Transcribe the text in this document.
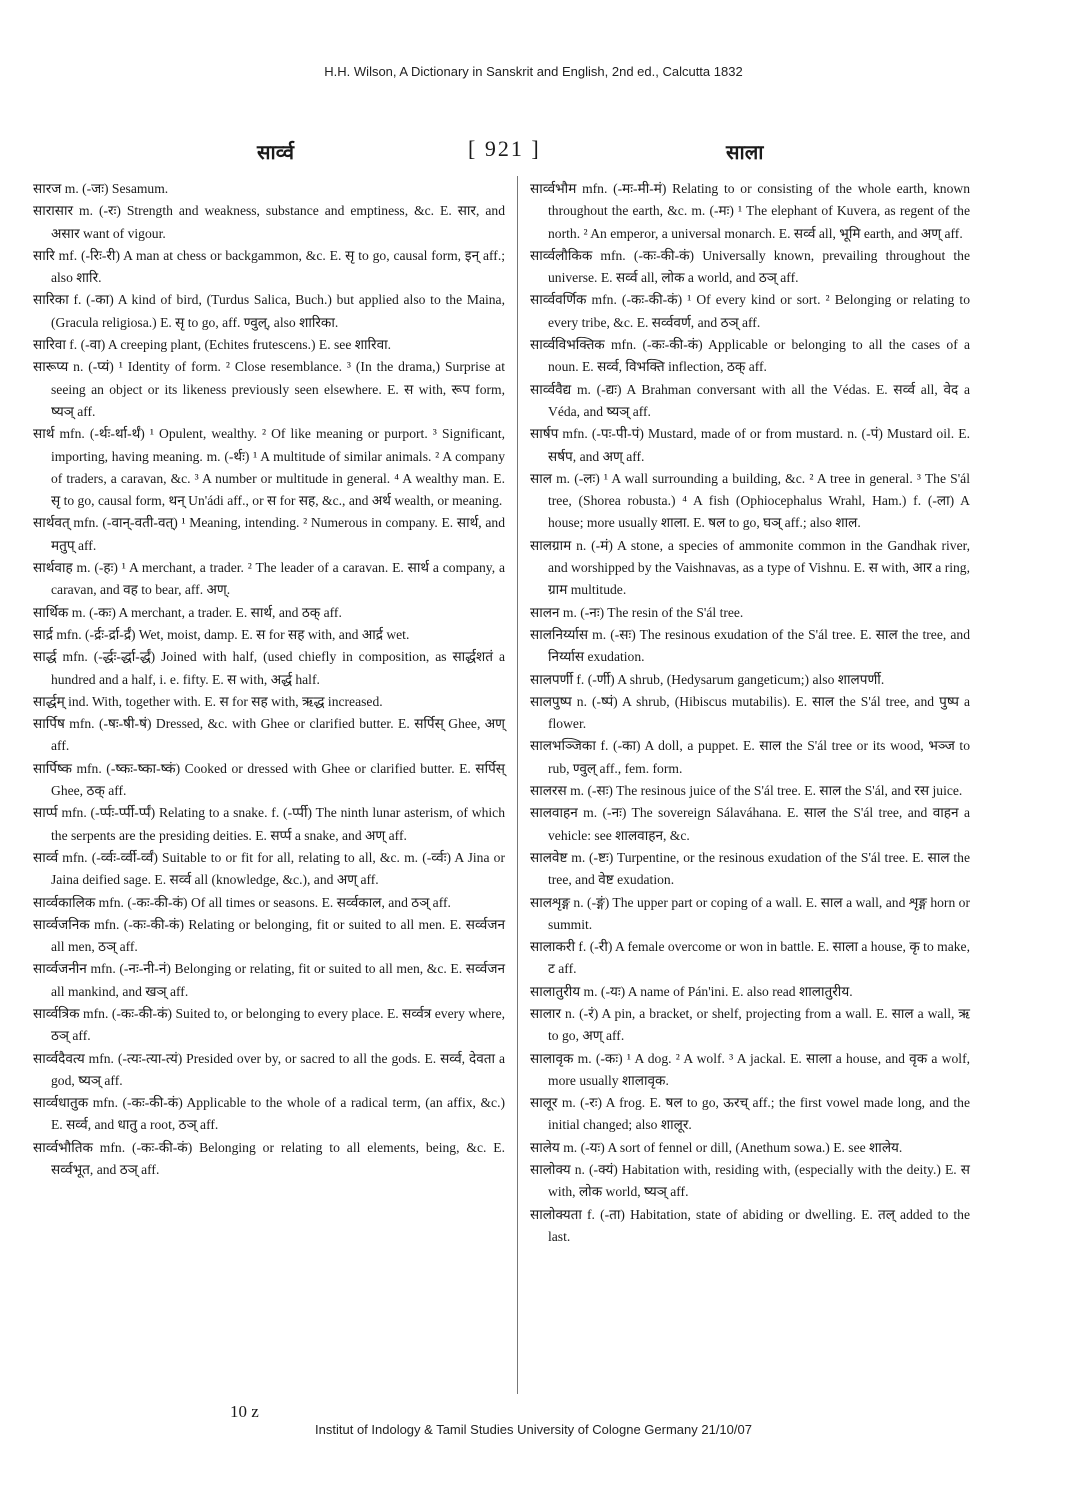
H.H. Wilson, A Dictionary in Sanskrit and English, 2nd ed., Calcutta 1832
सार्व्व	[ 921 ]	साला

सारज m. (-जः) Sesamum.

सारासार m. (-रः) Strength and weakness, substance and emptiness, &c. E. सार, and असार want of vigour.

सारि mf. (-रिः-री) A man at chess or backgammon, &c. E. सृ to go, causal form, इन् aff.; also शारि.

सारिका f. (-का) A kind of bird, (Turdus Salica, Buch.) but applied also to the Maina, (Gracula religiosa.) E. सृ to go, aff. ण्वुल्, also शारिका.

सारिवा f. (-वा) A creeping plant, (Echites frutescens.) E. see शारिवा.

सारूप्य n. (-प्यं) ¹ Identity of form. ² Close resemblance. ³ (In the drama,) Surprise at seeing an object or its likeness previously seen elsewhere. E. स with, रूप form, ष्यञ् aff.

सार्थ mfn. (-र्थः-र्था-र्थं) ¹ Opulent, wealthy. ² Of like meaning or purport. ³ Significant, importing, having meaning. m. (-र्थः) ¹ A multitude of similar animals. ² A company of traders, a caravan, &c. ³ A number or multitude in general. ⁴ A wealthy man. E. सृ to go, causal form, थन् Un'ádi aff., or स for सह, &c., and अर्थ wealth, or meaning.

सार्थवत् mfn. (-वान्-वती-वत्) ¹ Meaning, intending. ² Numerous in company. E. सार्थ, and मतुप् aff.

सार्थवाह m. (-हः) ¹ A merchant, a trader. ² The leader of a caravan. E. सार्थ a company, a caravan, and वह to bear, aff. अण्.

सार्थिक m. (-कः) A merchant, a trader. E. सार्थ, and ठक् aff.

सार्द्र mfn. (-र्द्रः-र्द्रा-र्द्रं) Wet, moist, damp. E. स for सह with, and आर्द्र wet.

सार्द्ध mfn. (-र्द्धः-र्द्धा-र्द्धं) Joined with half, (used chiefly in composition, as सार्द्धशतं a hundred and a half, i. e. fifty. E. स with, अर्द्ध half.

सार्द्धम् ind. With, together with. E. स for सह with, ऋद्ध increased.

सार्पिष mfn. (-षः-षी-षं) Dressed, &c. with Ghee or clarified butter. E. सर्पिस् Ghee, अण् aff.

सार्पिष्क mfn. (-ष्कः-ष्का-ष्कं) Cooked or dressed with Ghee or clarified butter. E. सर्पिस् Ghee, ठक् aff.

सार्प्प mfn. (-र्प्पः-र्प्पी-र्प्पं) Relating to a snake. f. (-र्प्पी) The ninth lunar asterism, of which the serpents are the presiding deities. E. सर्प्प a snake, and अण् aff.

सार्व्व mfn. (-र्व्वः-र्व्वी-र्व्वं) Suitable to or fit for all, relating to all, &c. m. (-र्व्वः) A Jina or Jaina deified sage. E. सर्व्व all (knowledge, &c.), and अण् aff.

सार्व्वकालिक mfn. (-कः-की-कं) Of all times or seasons. E. सर्व्वकाल, and ठञ् aff.

सार्व्वजनिक mfn. (-कः-की-कं) Relating or belonging, fit or suited to all men. E. सर्व्वजन all men, ठञ् aff.

सार्व्वजनीन mfn. (-नः-नी-नं) Belonging or relating, fit or suited to all men, &c. E. सर्व्वजन all mankind, and खञ् aff.

सार्व्वत्रिक mfn. (-कः-की-कं) Suited to, or belonging to every place. E. सर्व्वत्र every where, ठञ् aff.

सार्व्वदैवत्य mfn. (-त्यः-त्या-त्यं) Presided over by, or sacred to all the gods. E. सर्व्व, देवता a god, ष्यञ् aff.

सार्व्वधातुक mfn. (-कः-की-कं) Applicable to the whole of a radical term, (an affix, &c.) E. सर्व्व, and धातु a root, ठञ् aff.

सार्व्वभौतिक mfn. (-कः-की-कं) Belonging or relating to all elements, being, &c. E. सर्व्वभूत, and ठञ् aff.

सार्व्वभौम mfn. (-मः-मी-मं) Relating to or consisting of the whole earth, known throughout the earth, &c. m. (-मः) ¹ The elephant of Kuvera, as regent of the north. ² An emperor, a universal monarch. E. सर्व्व all, भूमि earth, and अण् aff.

सार्व्वलौकिक mfn. (-कः-की-कं) Universally known, prevailing throughout the universe. E. सर्व्व all, लोक a world, and ठञ् aff.

सार्व्ववर्णिक mfn. (-कः-की-कं) ¹ Of every kind or sort. ² Belonging or relating to every tribe, &c. E. सर्व्ववर्ण, and ठञ् aff.

सार्व्वविभक्तिक mfn. (-कः-की-कं) Applicable or belonging to all the cases of a noun. E. सर्व्व, विभक्ति inflection, ठक् aff.

सार्व्ववैद्य m. (-द्यः) A Brahman conversant with all the Védas. E. सर्व्व all, वेद a Véda, and ष्यञ् aff.

सार्षप mfn. (-पः-पी-पं) Mustard, made of or from mustard. n. (-पं) Mustard oil. E. सर्षप, and अण् aff.

साल m. (-लः) ¹ A wall surrounding a building, &c. ² A tree in general. ³ The S'ál tree, (Shorea robusta.) ⁴ A fish (Ophiocephalus Wrahl, Ham.) f. (-ला) A house; more usually शाला. E. षल to go, घञ् aff.; also शाल.

सालग्राम n. (-मं) A stone, a species of ammonite common in the Gandhak river, and worshipped by the Vaishnavas, as a type of Vishnu. E. स with, आर a ring, ग्राम multitude.

सालन m. (-नः) The resin of the S'ál tree.

सालनिर्य्यास m. (-सः) The resinous exudation of the S'ál tree. E. साल the tree, and निर्य्यास exudation.

सालपर्णी f. (-र्णी) A shrub, (Hedysarum gangeticum;) also शालपर्णी.

सालपुष्प n. (-ष्पं) A shrub, (Hibiscus mutabilis). E. साल the S'ál tree, and पुष्प a flower.

सालभञ्जिका f. (-का) A doll, a puppet. E. साल the S'ál tree or its wood, भञ्ज to rub, ण्वुल् aff., fem. form.

सालरस m. (-सः) The resinous juice of the S'ál tree. E. साल the S'ál, and रस juice.

सालवाहन m. (-नः) The sovereign Sálaváhana. E. साल the S'ál tree, and वाहन a vehicle: see शालवाहन, &c.

सालवेष्ट m. (-ष्टः) Turpentine, or the resinous exudation of the S'ál tree. E. साल the tree, and वेष्ट exudation.

सालशृङ्ग n. (-ङ्गं) The upper part or coping of a wall. E. साल a wall, and शृङ्ग horn or summit.

सालाकरी f. (-री) A female overcome or won in battle. E. साला a house, कृ to make, ट aff.

सालातुरीय m. (-यः) A name of Pán'ini. E. also read शालातुरीय.

सालार n. (-रं) A pin, a bracket, or shelf, projecting from a wall. E. साल a wall, ऋ to go, अण् aff.

सालावृक m. (-कः) ¹ A dog. ² A wolf. ³ A jackal. E. साला a house, and वृक a wolf, more usually शालावृक.

सालूर m. (-रः) A frog. E. षल to go, ऊरच् aff.; the first vowel made long, and the initial changed; also शालूर.

सालेय m. (-यः) A sort of fennel or dill, (Anethum sowa.) E. see शालेय.

सालोक्य n. (-क्यं) Habitation with, residing with, (especially with the deity.) E. स with, लोक world, ष्यञ् aff.

सालोक्यता f. (-ता) Habitation, state of abiding or dwelling. E. तल् added to the last.

10 z
Institut of Indology & Tamil Studies University of Cologne Germany 21/10/07
